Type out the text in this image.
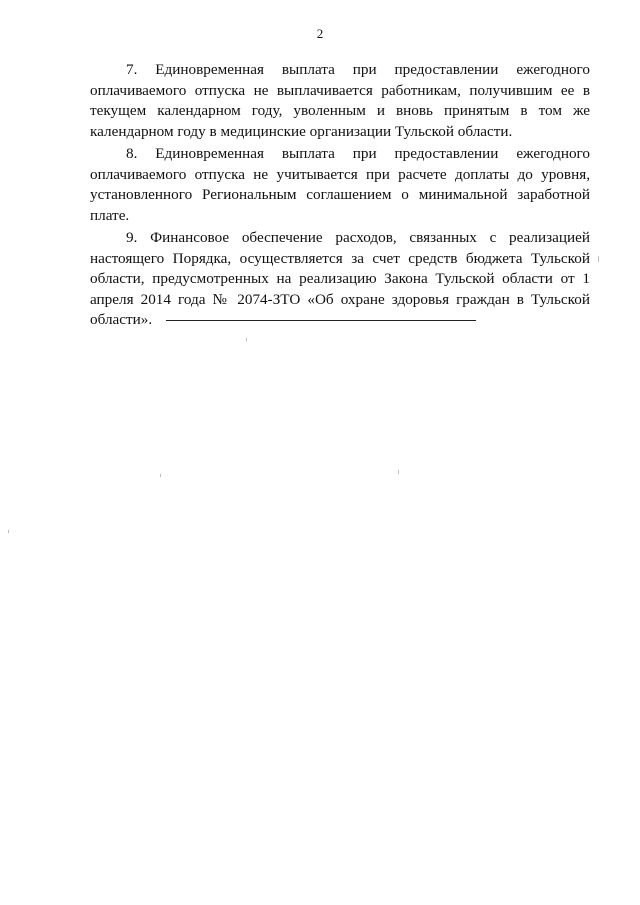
2

7. Единовременная выплата при предоставлении ежегодного оплачиваемого отпуска не выплачивается работникам, получившим ее в текущем календарном году, уволенным и вновь принятым в том же календарном году в медицинские организации Тульской области.

8. Единовременная выплата при предоставлении ежегодного оплачиваемого отпуска не учитывается при расчете доплаты до уровня, установленного Региональным соглашением о минимальной заработной плате.

9. Финансовое обеспечение расходов, связанных с реализацией настоящего Порядка, осуществляется за счет средств бюджета Тульской области, предусмотренных на реализацию Закона Тульской области от 1 апреля 2014 года № 2074-ЗТО «Об охране здоровья граждан в Тульской области».
